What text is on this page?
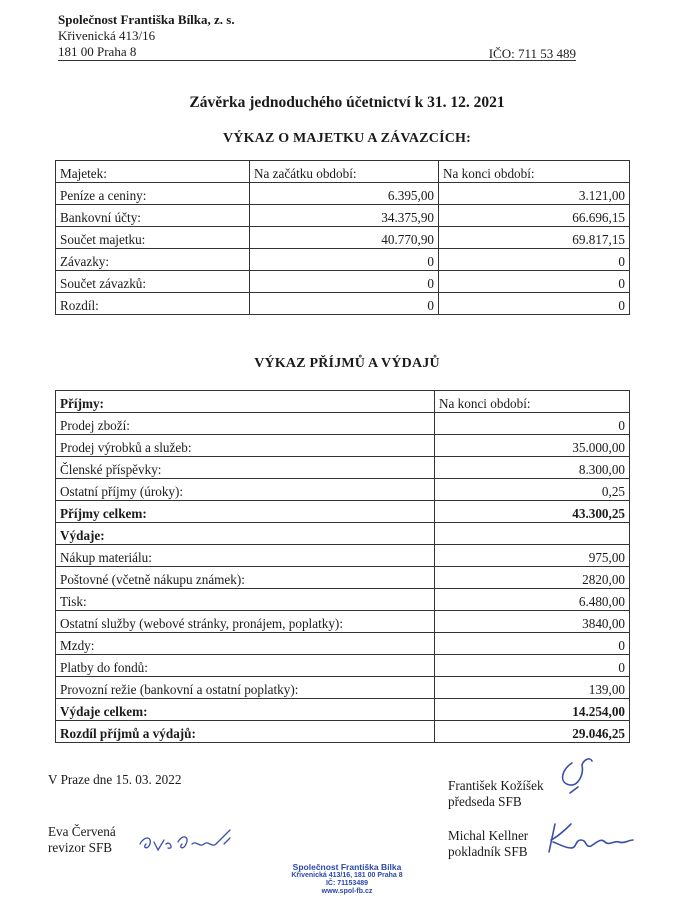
Společnost Františka Bílka, z. s.
Křivenická 413/16
181 00 Praha 8	IČO: 711 53 489
Závěrka jednoduchého účetnictví k 31. 12. 2021
VÝKAZ O MAJETKU A ZÁVAZCÍCH:
Majetek:	Na začátku období:	Na konci období:
Peníze a ceniny:	6.395,00	3.121,00
Bankovní účty:	34.375,90	66.696,15
Součet majetku:	40.770,90	69.817,15
Závazky:	0	0
Součet závazků:	0	0
Rozdíl:	0	0
VÝKAZ PŘÍJMŮ A VÝDAJŮ
Příjmy:	Na konci období:
Prodej zboží:	0
Prodej výrobků a služeb:	35.000,00
Členské příspěvky:	8.300,00
Ostatní příjmy (úroky):	0,25
Příjmy celkem:	43.300,25
Výdaje:	
Nákup materiálu:	975,00
Poštovné (včetně nákupu známek):	2820,00
Tisk:	6.480,00
Ostatní služby (webové stránky, pronájem, poplatky):	3840,00
Mzdy:	0
Platby do fondů:	0
Provozní režie (bankovní a ostatní poplatky):	139,00
Výdaje celkem:	14.254,00
Rozdíl příjmů a výdajů:	29.046,25
V Praze dne 15. 03. 2022	František Kožíšek
předseda SFB
Eva Červená
revizor SFB
Michal Kellner
pokladník SFB
Společnost Františka Bílka
Křivenická 413/16, 181 00 Praha 8
IČ: 71153489
www.spol-fb.cz
